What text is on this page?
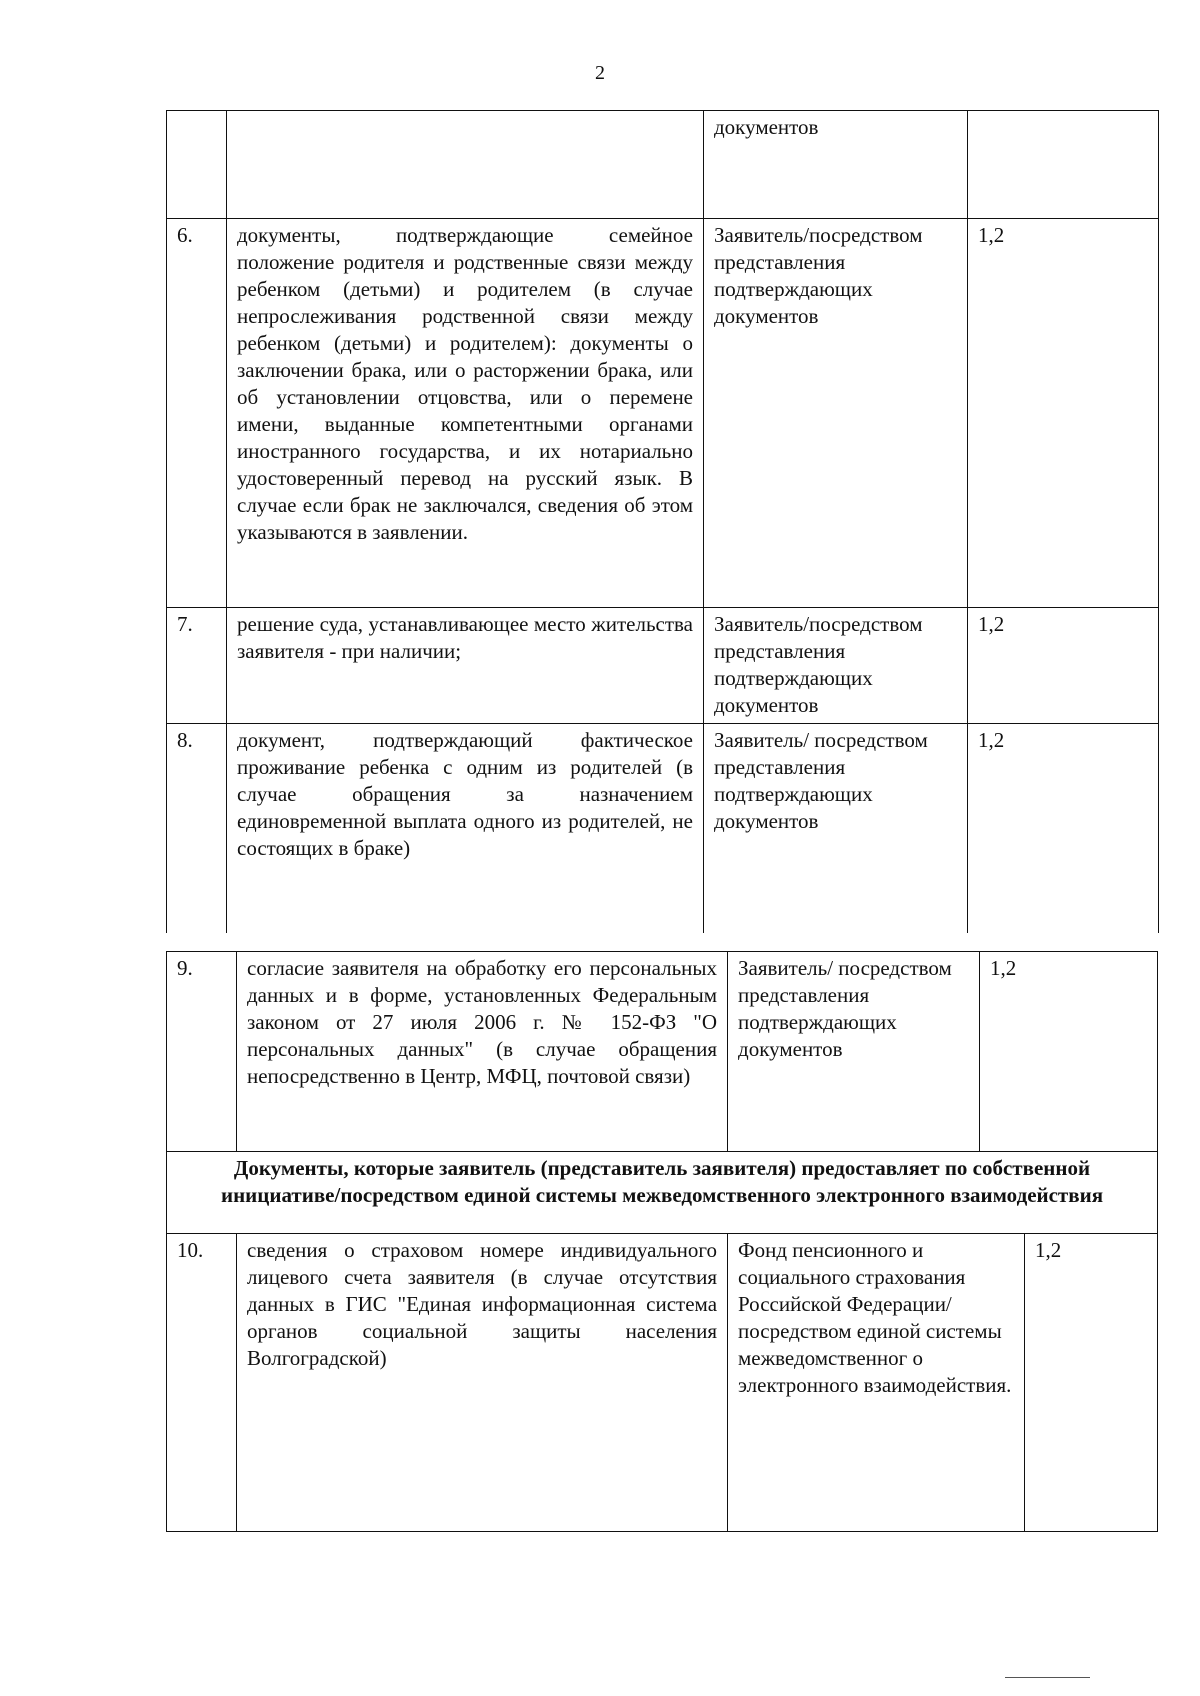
2
		документов	
6.	документы, подтверждающие семейное положение родителя и родственные связи между ребенком (детьми) и родителем (в случае непрослеживания родственной связи между ребенком (детьми) и родителем): документы о заключении брака, или о расторжении брака, или об установлении отцовства, или о перемене имени, выданные компетентными органами иностранного государства, и их нотариально удостоверенный перевод на русский язык. В случае если брак не заключался, сведения об этом указываются в заявлении.	Заявитель/посредством представления подтверждающих документов	1,2
7.	решение суда, устанавливающее место жительства заявителя - при наличии;	Заявитель/посредством представления подтверждающих документов	1,2
8.	документ, подтверждающий фактическое проживание ребенка с одним из родителей (в случае обращения за назначением единовременной выплата одного из родителей, не состоящих в браке)	Заявитель/ посредством представления подтверждающих документов	1,2
9.	согласие заявителя на обработку его персональных данных и в форме, установленных Федеральным законом от 27 июля 2006 г. № 152-ФЗ "О персональных данных" (в случае обращения непосредственно в Центр, МФЦ, почтовой связи)	Заявитель/ посредством представления подтверждающих документов	1,2	
Документы, которые заявитель (представитель заявителя) предоставляет по собственной инициативе/посредством единой системы межведомственного электронного взаимодействия				
10.	сведения о страховом номере индивидуального лицевого счета заявителя (в случае отсутствия данных в ГИС "Единая информационная система органов социальной защиты населения Волгоградской)	Фонд пенсионного и социального страхования Российской Федерации/ посредством единой системы межведомственног о электронного взаимодействия.		1,2
